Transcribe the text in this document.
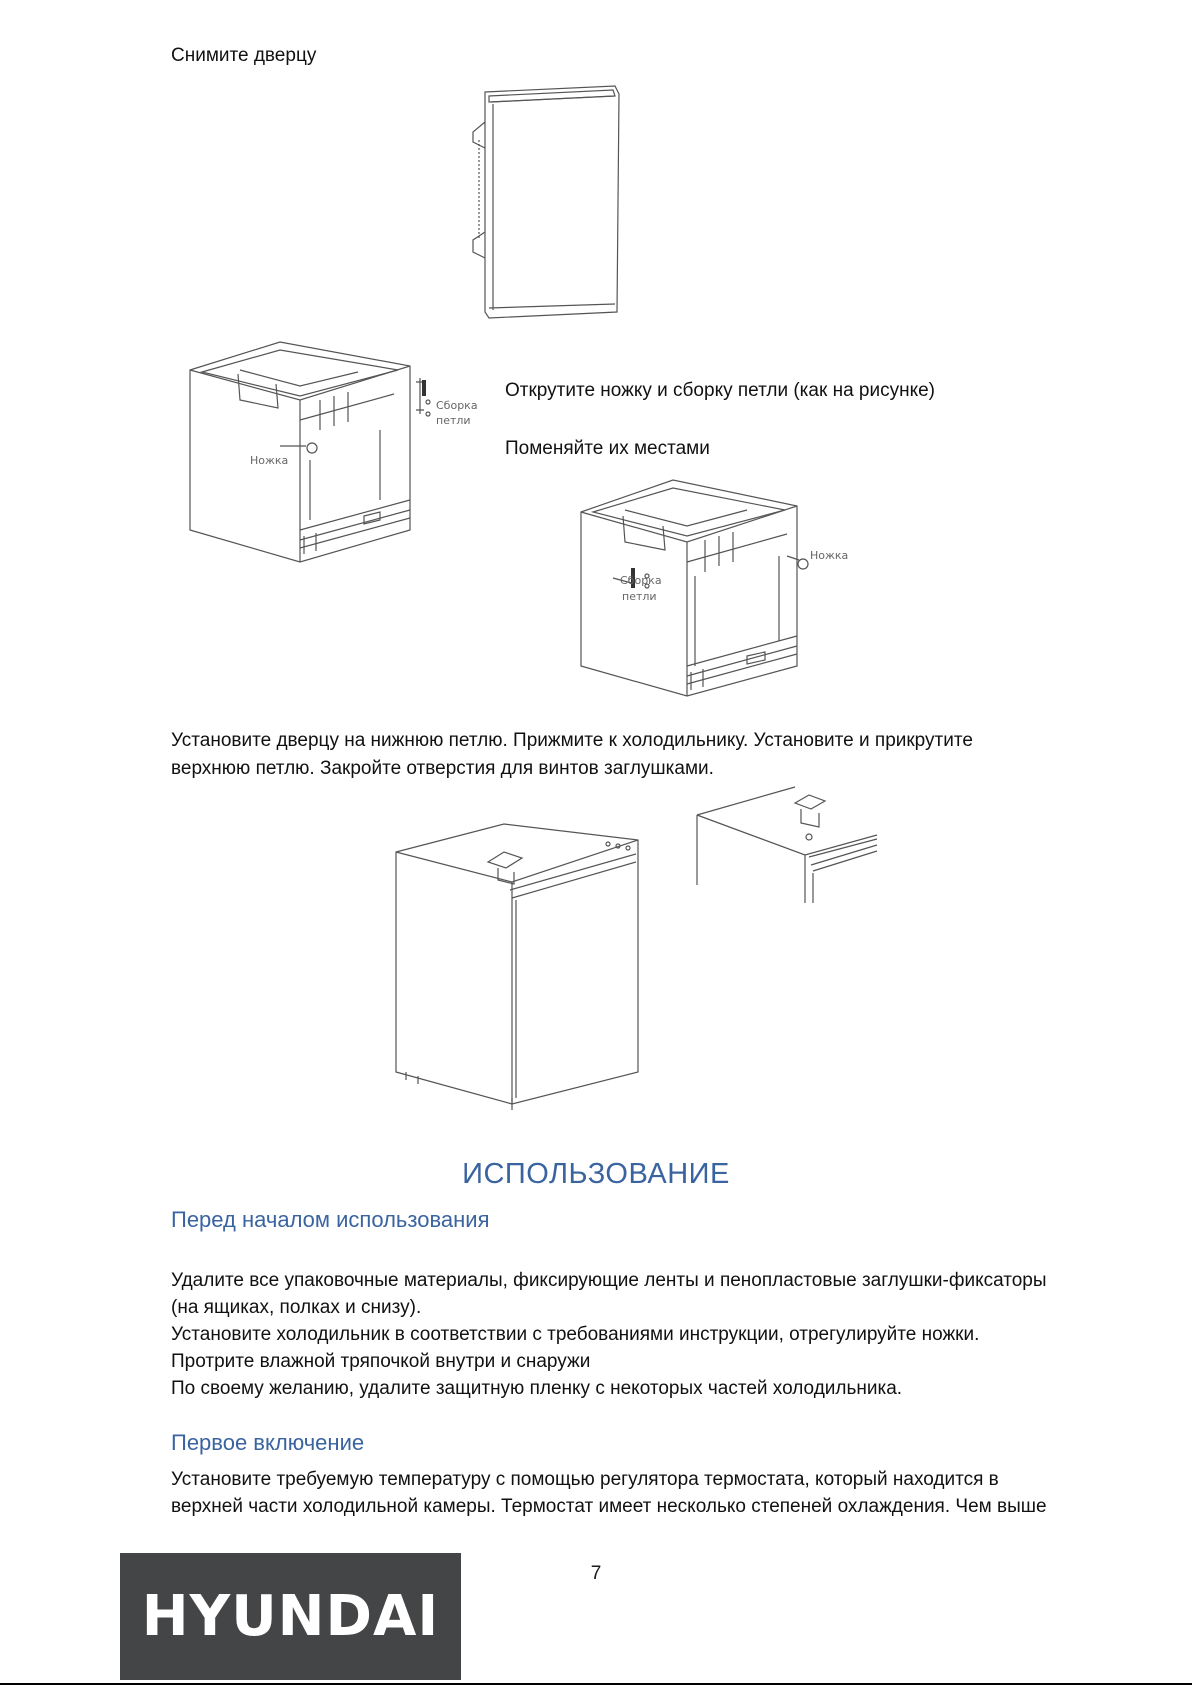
Снимите дверцу
Сборка
петли
Ножка
Открутите ножку и сборку петли (как на рисунке)
Поменяйте их местами
Ножка
Сборка
петли
Установите дверцу на нижнюю петлю. Прижмите к холодильнику. Установите и прикрутите
верхнюю петлю. Закройте отверстия для винтов заглушками.
ИСПОЛЬЗОВАНИЕ
Перед началом использования
Удалите все упаковочные материалы, фиксирующие ленты и пенопластовые заглушки-фиксаторы
(на ящиках, полках и снизу).
Установите холодильник в соответствии с требованиями инструкции, отрегулируйте ножки.
Протрите влажной тряпочкой внутри и снаружи
По своему желанию, удалите защитную пленку с некоторых частей холодильника.
Первое включение
Установите требуемую температуру с помощью регулятора термостата, который находится в
верхней части холодильной камеры. Термостат имеет несколько степеней охлаждения. Чем выше
7
HYUNDAI
